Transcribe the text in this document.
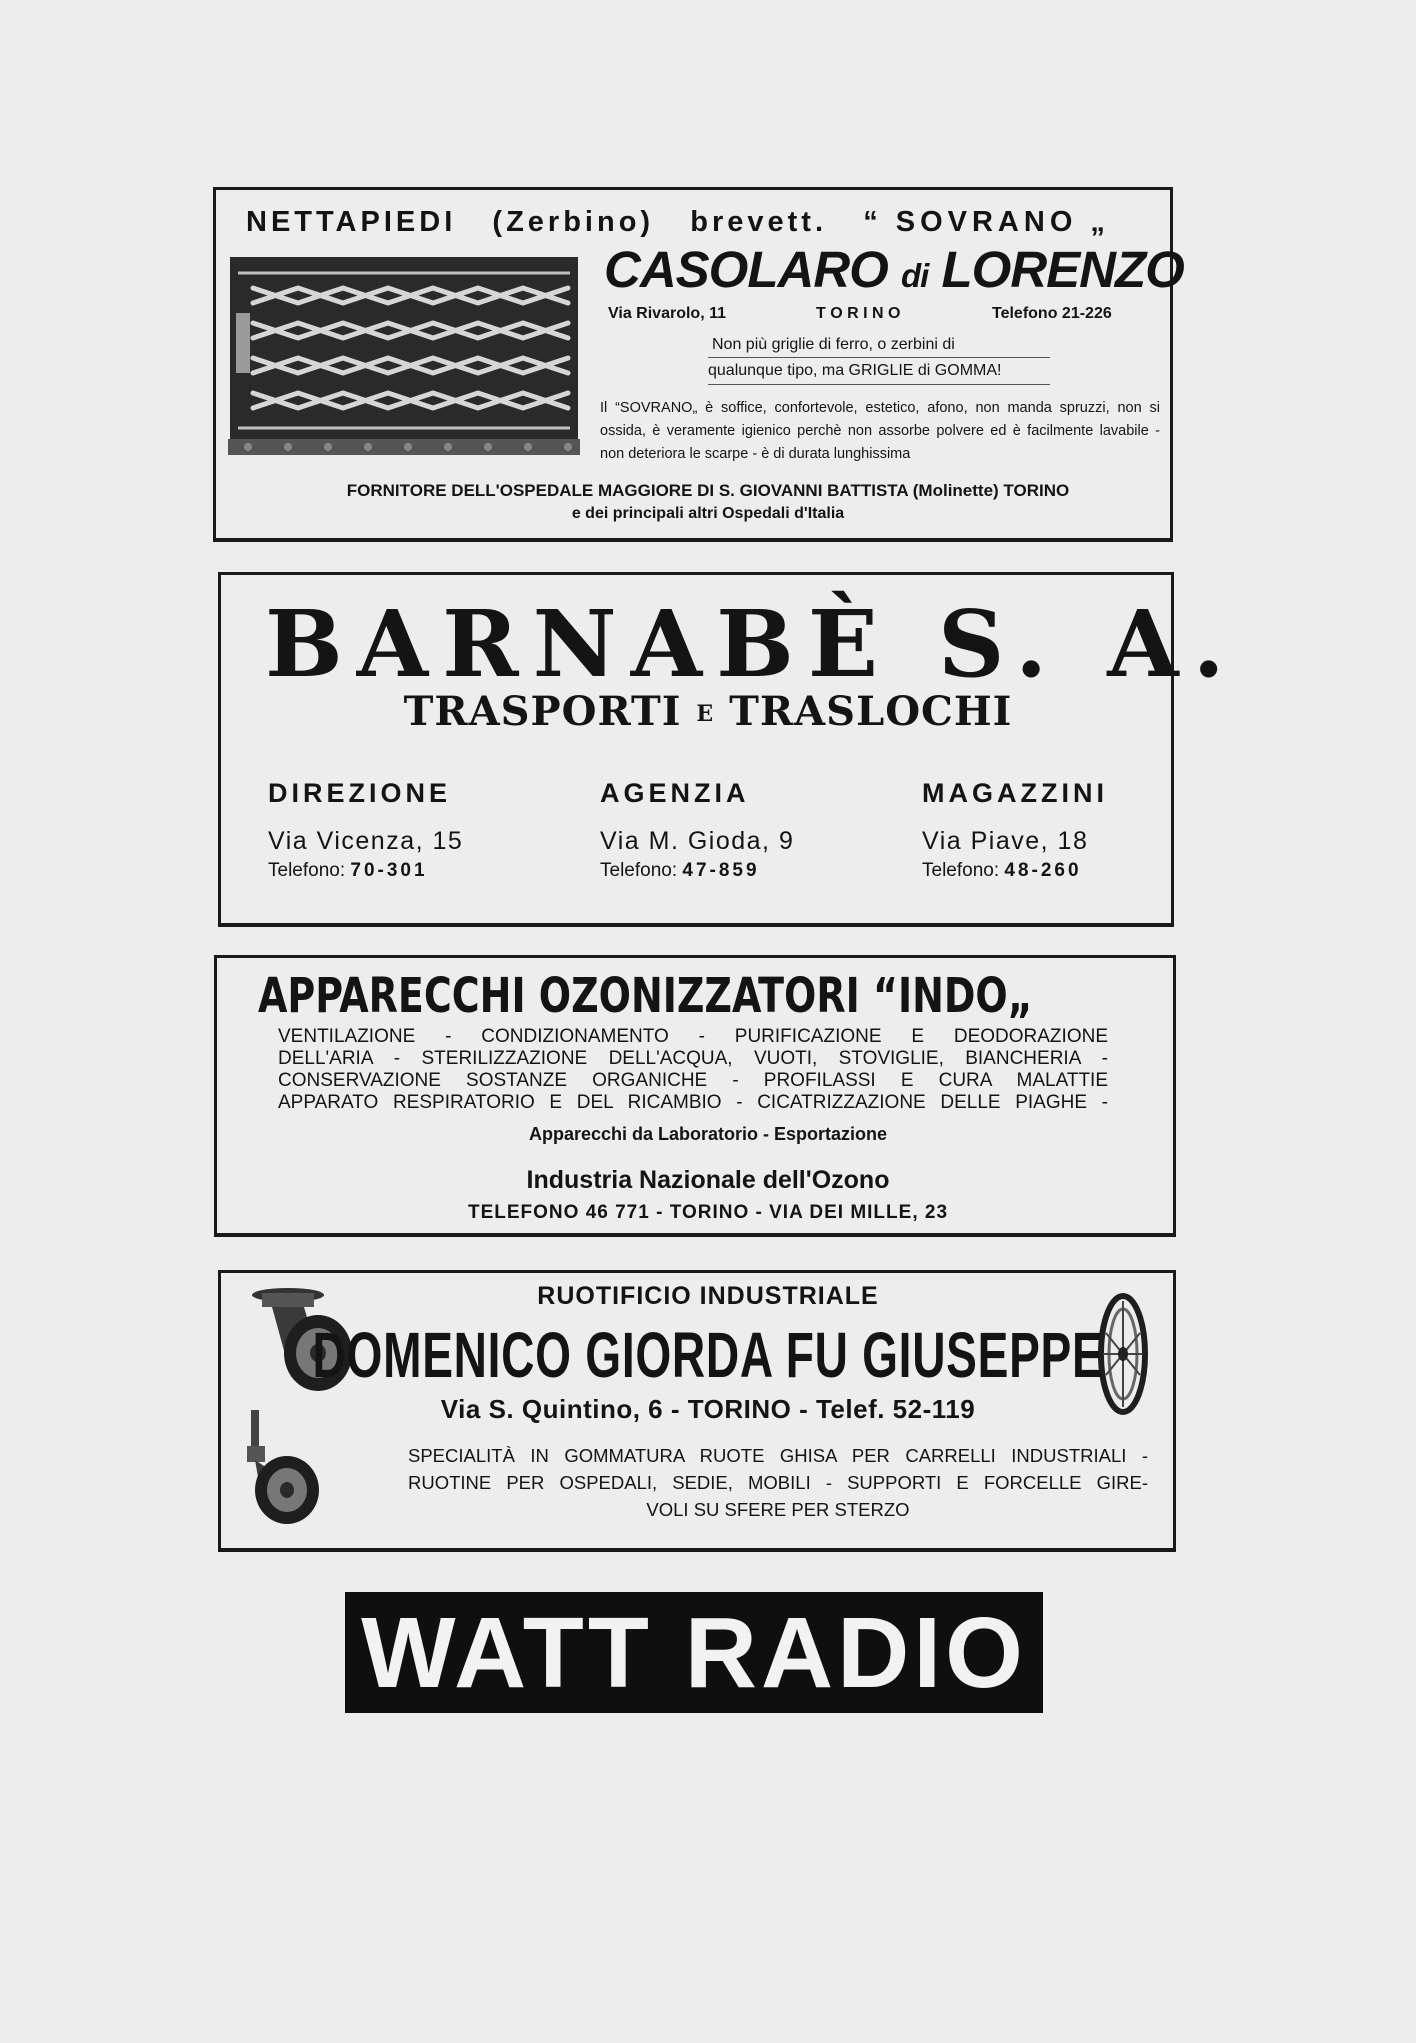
NETTAPIEDI (Zerbino) brevett. “ SOVRANO „
CASOLARO di LORENZO
Via Rivarolo, 11	T O R I N O	Telefono 21-226
Non più griglie di ferro, o zerbini di
qualunque tipo, ma GRIGLIE di GOMMA!
Il “SOVRANO„ è soffice, confortevole, estetico, afono, non manda spruzzi, non si ossida, è veramente igienico perchè non assorbe polvere ed è facilmente lavabile - non deteriora le scarpe - è di durata lunghissima
FORNITORE DELL'OSPEDALE MAGGIORE DI S. GIOVANNI BATTISTA (Molinette) TORINO
e dei principali altri Ospedali d'Italia
BARNABÈ S. A.
TRASPORTI E TRASLOCHI
DIREZIONE
Via Vicenza, 15
Telefono: 70-301
AGENZIA
Via M. Gioda, 9
Telefono: 47-859
MAGAZZINI
Via Piave, 18
Telefono: 48-260
APPARECCHI OZONIZZATORI “INDO„
VENTILAZIONE - CONDIZIONAMENTO - PURIFICAZIONE E DEODORAZIONE
DELL'ARIA - STERILIZZAZIONE DELL'ACQUA, VUOTI, STOVIGLIE, BIANCHERIA -
CONSERVAZIONE SOSTANZE ORGANICHE - PROFILASSI E CURA MALATTIE
APPARATO RESPIRATORIO E DEL RICAMBIO - CICATRIZZAZIONE DELLE PIAGHE -
Apparecchi da Laboratorio - Esportazione
Industria Nazionale dell'Ozono
TELEFONO 46 771 - TORINO - VIA DEI MILLE, 23
RUOTIFICIO INDUSTRIALE
DOMENICO GIORDA FU GIUSEPPE
Via S. Quintino, 6 - TORINO - Telef. 52-119
SPECIALITÀ IN GOMMATURA RUOTE GHISA PER CARRELLI INDUSTRIALI -
RUOTINE PER OSPEDALI, SEDIE, MOBILI - SUPPORTI E FORCELLE GIRE-
VOLI SU SFERE PER STERZO
WATT RADIO
